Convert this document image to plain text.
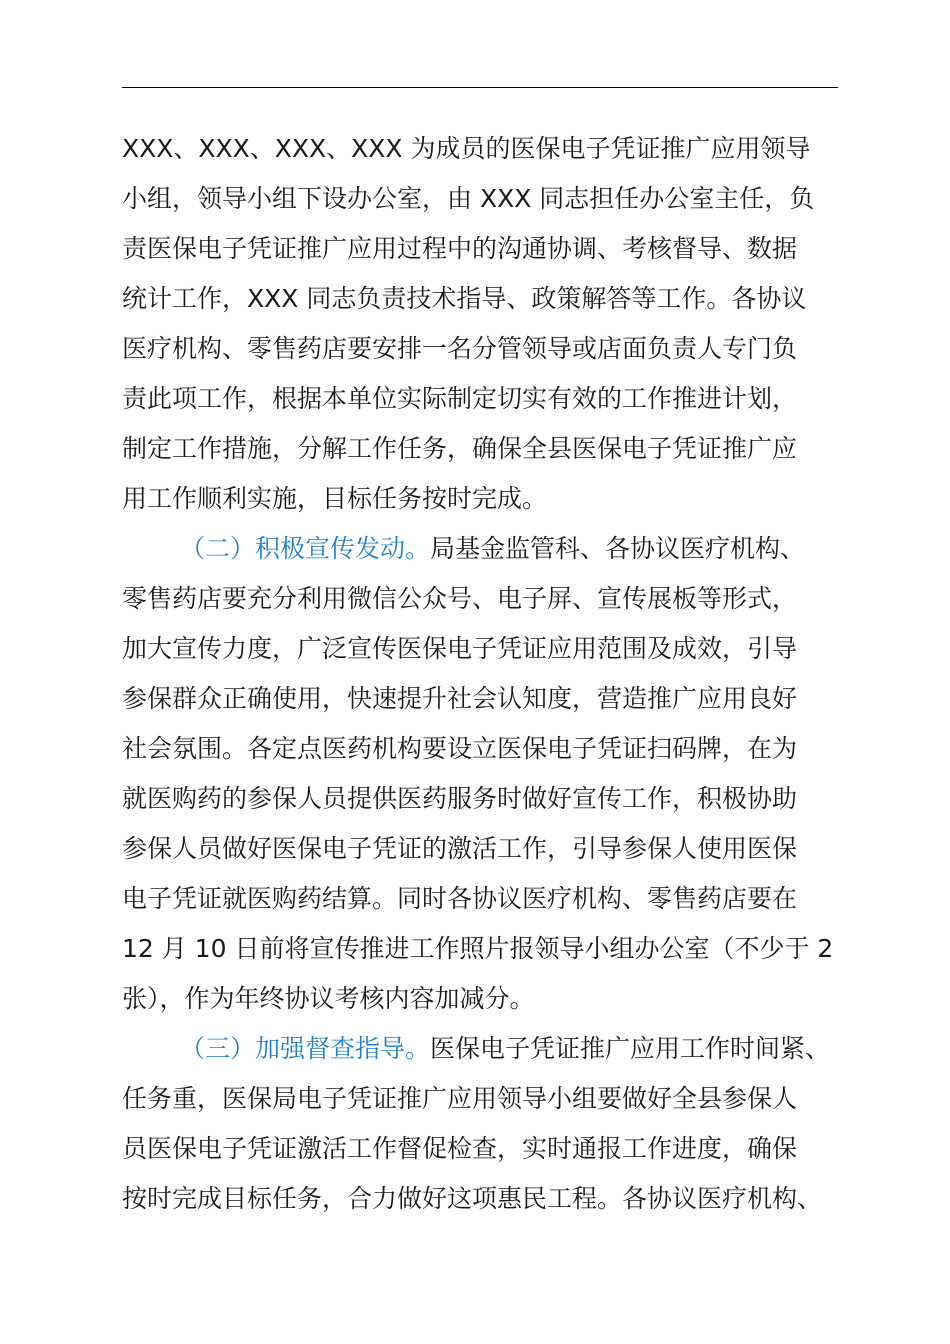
XXX、XXX、XXX、XXX 为成员的医保电子凭证推广应用领导
小组，领导小组下设办公室，由 XXX 同志担任办公室主任，负
责医保电子凭证推广应用过程中的沟通协调、考核督导、数据
统计工作，XXX 同志负责技术指导、政策解答等工作。各协议
医疗机构、零售药店要安排一名分管领导或店面负责人专门负
责此项工作，根据本单位实际制定切实有效的工作推进计划，
制定工作措施，分解工作任务，确保全县医保电子凭证推广应
用工作顺利实施，目标任务按时完成。
（二）积极宣传发动。局基金监管科、各协议医疗机构、
零售药店要充分利用微信公众号、电子屏、宣传展板等形式，
加大宣传力度，广泛宣传医保电子凭证应用范围及成效，引导
参保群众正确使用，快速提升社会认知度，营造推广应用良好
社会氛围。各定点医药机构要设立医保电子凭证扫码牌，在为
就医购药的参保人员提供医药服务时做好宣传工作，积极协助
参保人员做好医保电子凭证的激活工作，引导参保人使用医保
电子凭证就医购药结算。同时各协议医疗机构、零售药店要在
12 月 10 日前将宣传推进工作照片报领导小组办公室（不少于 2
张），作为年终协议考核内容加减分。
（三）加强督查指导。医保电子凭证推广应用工作时间紧、
任务重，医保局电子凭证推广应用领导小组要做好全县参保人
员医保电子凭证激活工作督促检查，实时通报工作进度，确保
按时完成目标任务，合力做好这项惠民工程。各协议医疗机构、
